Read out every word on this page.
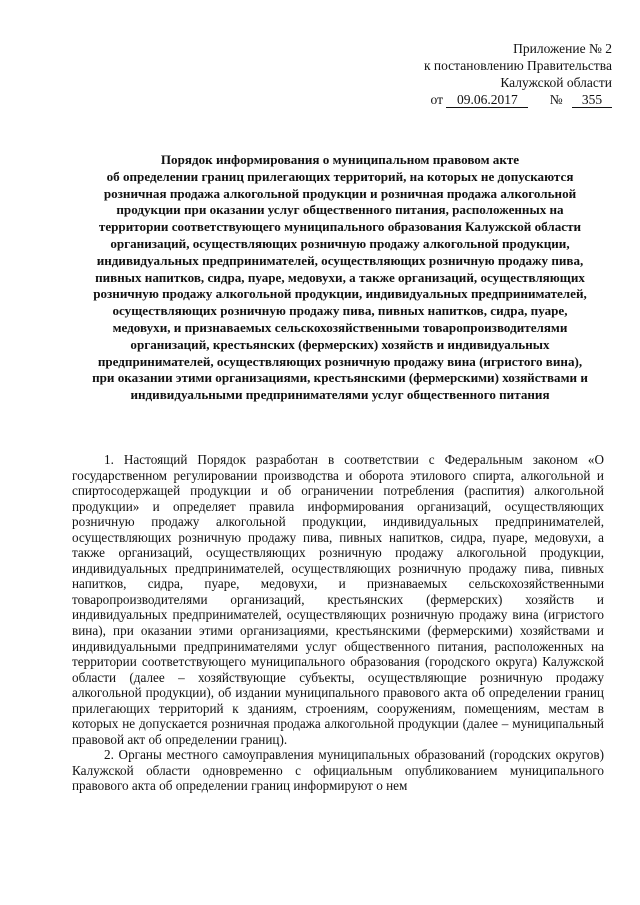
Приложение № 2
к постановлению Правительства
Калужской области
от 09.06.2017 № 355
Порядок информирования о муниципальном правовом акте
об определении границ прилегающих территорий, на которых не допускаются
розничная продажа алкогольной продукции и розничная продажа алкогольной
продукции при оказании услуг общественного питания, расположенных на
территории соответствующего муниципального образования Калужской области
организаций, осуществляющих розничную продажу алкогольной продукции,
индивидуальных предпринимателей, осуществляющих розничную продажу пива,
пивных напитков, сидра, пуаре, медовухи, а также организаций, осуществляющих
розничную продажу алкогольной продукции, индивидуальных предпринимателей,
осуществляющих розничную продажу пива, пивных напитков, сидра, пуаре,
медовухи, и признаваемых сельскохозяйственными товаропроизводителями
организаций, крестьянских (фермерских) хозяйств и индивидуальных
предпринимателей, осуществляющих розничную продажу вина (игристого вина),
при оказании этими организациями, крестьянскими (фермерскими) хозяйствами и
индивидуальными предпринимателями услуг общественного питания

1. Настоящий Порядок разработан в соответствии с Федеральным законом «О государственном регулировании производства и оборота этилового спирта, алкогольной и спиртосодержащей продукции и об ограничении потребления (распития) алкогольной продукции» и определяет правила информирования организаций, осуществляющих розничную продажу алкогольной продукции, индивидуальных предпринимателей, осуществляющих розничную продажу пива, пивных напитков, сидра, пуаре, медовухи, а также организаций, осуществляющих розничную продажу алкогольной продукции, индивидуальных предпринимателей, осуществляющих розничную продажу пива, пивных напитков, сидра, пуаре, медовухи, и признаваемых сельскохозяйственными товаропроизводителями организаций, крестьянских (фермерских) хозяйств и индивидуальных предпринимателей, осуществляющих розничную продажу вина (игристого вина), при оказании этими организациями, крестьянскими (фермерскими) хозяйствами и индивидуальными предпринимателями услуг общественного питания, расположенных на территории соответствующего муниципального образования (городского округа) Калужской области (далее – хозяйствующие субъекты, осуществляющие розничную продажу алкогольной продукции), об издании муниципального правового акта об определении границ прилегающих территорий к зданиям, строениям, сооружениям, помещениям, местам в которых не допускается розничная продажа алкогольной продукции (далее – муниципальный правовой акт об определении границ).

2. Органы местного самоуправления муниципальных образований (городских округов) Калужской области одновременно с официальным опубликованием муниципального правового акта об определении границ информируют о нем
